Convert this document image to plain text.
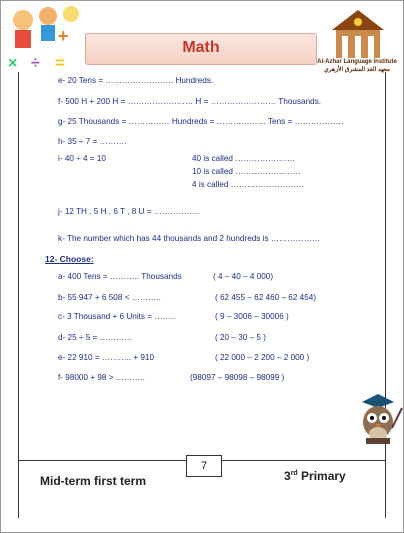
+
× ÷ =
Math
Al-Azhar Language Institute
معهد الغد المشرق الأزهري
e- 20 Tens = ……………………. Hundreds.
f- 500 H + 200 H = …………………… H = …………………… Thousands.
g- 25 Thousands = …………… Hundreds = ……………… Tens = ………………
h- 35 ÷ 7 = ……….
i- 40 ÷ 4 = 10	40 is called ………………….
10 is called ……………………
4 is called ………………………
j- 12 TH . 5 H , 6 T , 8 U = ……………..
k- The number which has 44 thousands and 2 hundreds is ………………
12- Choose:
a- 400 Tens = ……….. Thousands	( 4 – 40 – 4 000)
b- 55 947 + 6 508 < ………..	( 62 455 – 62 460 – 62 454)
c- 3 Thousand + 6 Units = ……..	( 9 – 3006 – 30006 )
d- 25 ÷ 5 = …………	( 20 – 30 – 5 )
e- 22 910 = ……….. + 910	( 22 000 – 2 200 – 2 000 )
f- 98000 + 98 > ………..	(98097 – 98098 – 98099 )
7
Mid-term first term	3rd Primary
